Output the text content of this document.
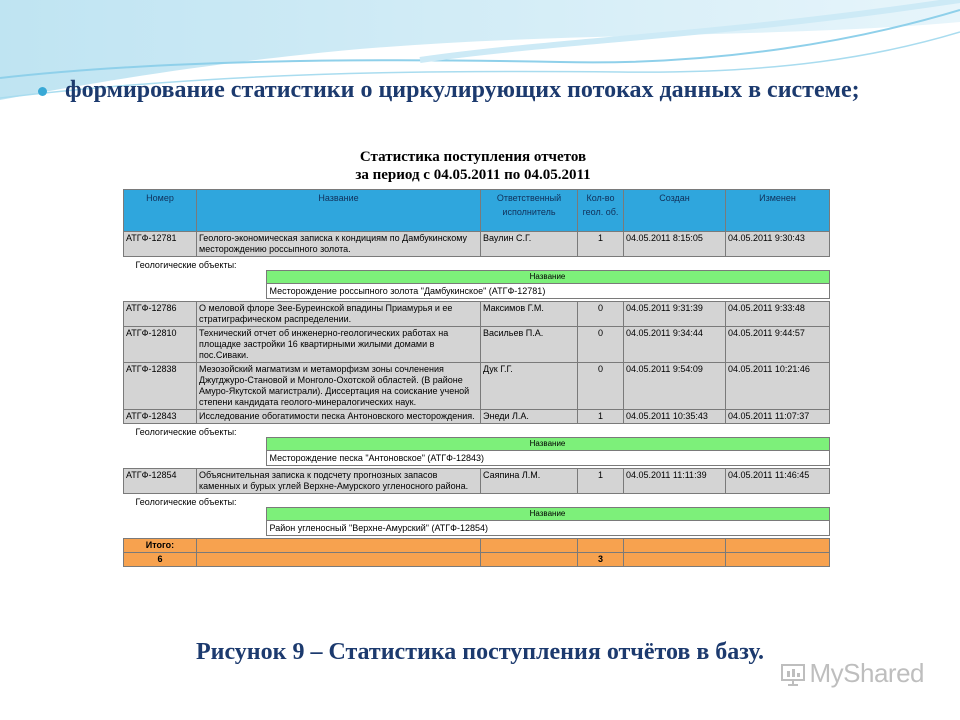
формирование статистики о циркулирующих потоках данных в системе;
Статистика поступления отчетов
за период с 04.05.2011 по 04.05.2011
Номер	Название	Ответственный исполнитель	Кол-во геол. об.	Создан	Изменен
АТГФ-12781	Геолого-экономическая записка к кондициям по Дамбукинскому месторождению россыпного золота.	Ваулин С.Г.	1	04.05.2011 8:15:05	04.05.2011 9:30:43

Геологические объекты:
Название
Месторождение россыпного золота "Дамбукинское" (АТГФ-12781)					

АТГФ-12786	О меловой флоре Зее-Буреинской впадины Приамурья и ее стратиграфическом распределении.	Максимов Г.М.	0	04.05.2011 9:31:39	04.05.2011 9:33:48
АТГФ-12810	Технический отчет об инженерно-геологических работах на площадке застройки 16 квартирными жилыми домами в пос.Сиваки.	Васильев П.А.	0	04.05.2011 9:34:44	04.05.2011 9:44:57
АТГФ-12838	Мезозойский магматизм и метаморфизм зоны сочленения Джугджуро-Становой и Монголо-Охотской областей. (В районе Амуро-Якутской магистрали). Диссертация на соискание ученой степени кандидата геолого-минералогических наук.	Дук Г.Г.	0	04.05.2011 9:54:09	04.05.2011 10:21:46
АТГФ-12843	Исследование обогатимости песка Антоновского месторождения.	Энеди Л.А.	1	04.05.2011 10:35:43	04.05.2011 11:07:37

Геологические объекты:
Название
Месторождение песка "Антоновское" (АТГФ-12843)					

АТГФ-12854	Объяснительная записка к подсчету прогнозных запасов каменных и бурых углей Верхне-Амурского угленосного района.	Саяпина Л.М.	1	04.05.2011 11:11:39	04.05.2011 11:46:45

Геологические объекты:
Название
Район угленосный "Верхне-Амурский" (АТГФ-12854)					

Итого:					
6			3		
Рисунок 9 – Статистика поступления отчётов в базу.
MyShared
